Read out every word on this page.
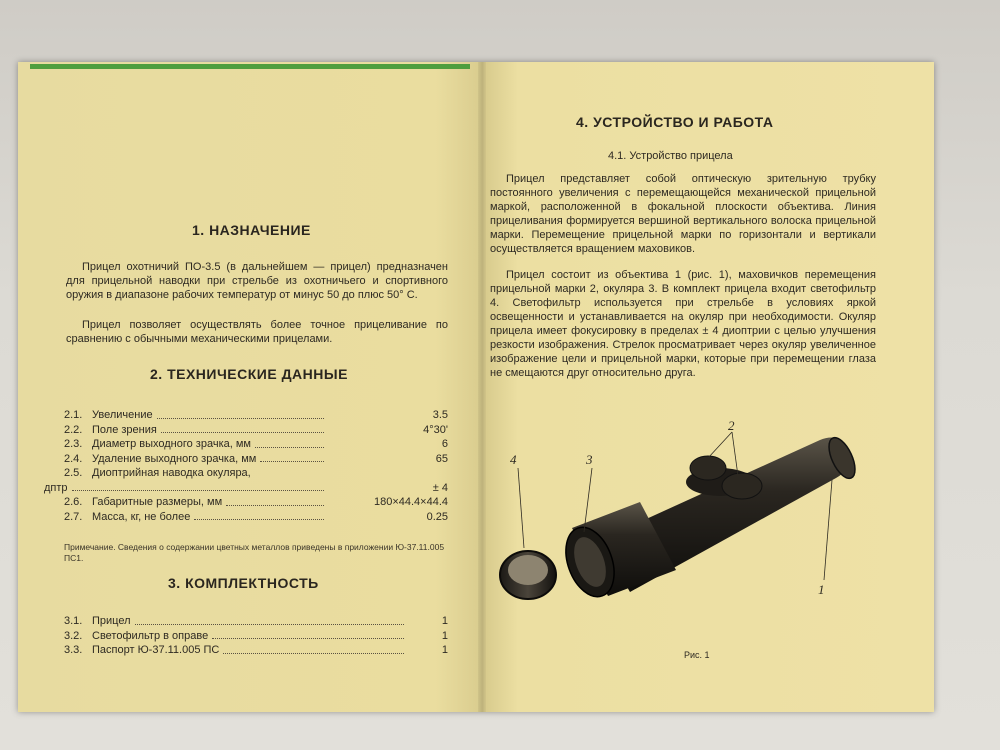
1. НАЗНАЧЕНИЕ

Прицел охотничий ПО-3.5 (в дальнейшем — прицел) предназначен для прицельной наводки при стрельбе из охотничьего и спортивного оружия в диапазоне рабочих температур от минус 50 до плюс 50° С.

Прицел позволяет осуществлять более точное прицеливание по сравнению с обычными механическими прицелами.

2. ТЕХНИЧЕСКИЕ ДАННЫЕ
2.1. Увеличение	3.5
2.2. Поле зрения	4°30'
2.3. Диаметр выходного зрачка, мм	6
2.4. Удаление выходного зрачка, мм	65
2.5. Диоптрийная наводка окуляра,
дптр	± 4
2.6. Габаритные размеры, мм	180×44.4×44.4
2.7. Масса, кг, не более	0.25

Примечание. Сведения о содержании цветных металлов приведены в приложении Ю-37.11.005 ПС1.

3. КОМПЛЕКТНОСТЬ
3.1. Прицел	1
3.2. Светофильтр в оправе	1
3.3. Паспорт Ю-37.11.005 ПС	1
4. УСТРОЙСТВО И РАБОТА

4.1. Устройство прицела

Прицел представляет собой оптическую зрительную трубку постоянного увеличения с перемещающейся механической прицельной маркой, расположенной в фокальной плоскости объектива. Линия прицеливания формируется вершиной вертикального волоска прицельной марки. Перемещение прицельной марки по горизонтали и вертикали осуществляется вращением маховиков.

Прицел состоит из объектива 1 (рис. 1), маховичков перемещения прицельной марки 2, окуляра 3. В комплект прицела входит светофильтр 4. Светофильтр используется при стрельбе в условиях яркой освещенности и устанавливается на окуляр при необходимости. Окуляр прицела имеет фокусировку в пределах ± 4 диоптрии с целью улучшения резкости изображения. Стрелок просматривает через окуляр увеличенное изображение цели и прицельной марки, которые при перемещении глаза не смещаются друг относительно друга.

4	3
2
1
Рис. 1
